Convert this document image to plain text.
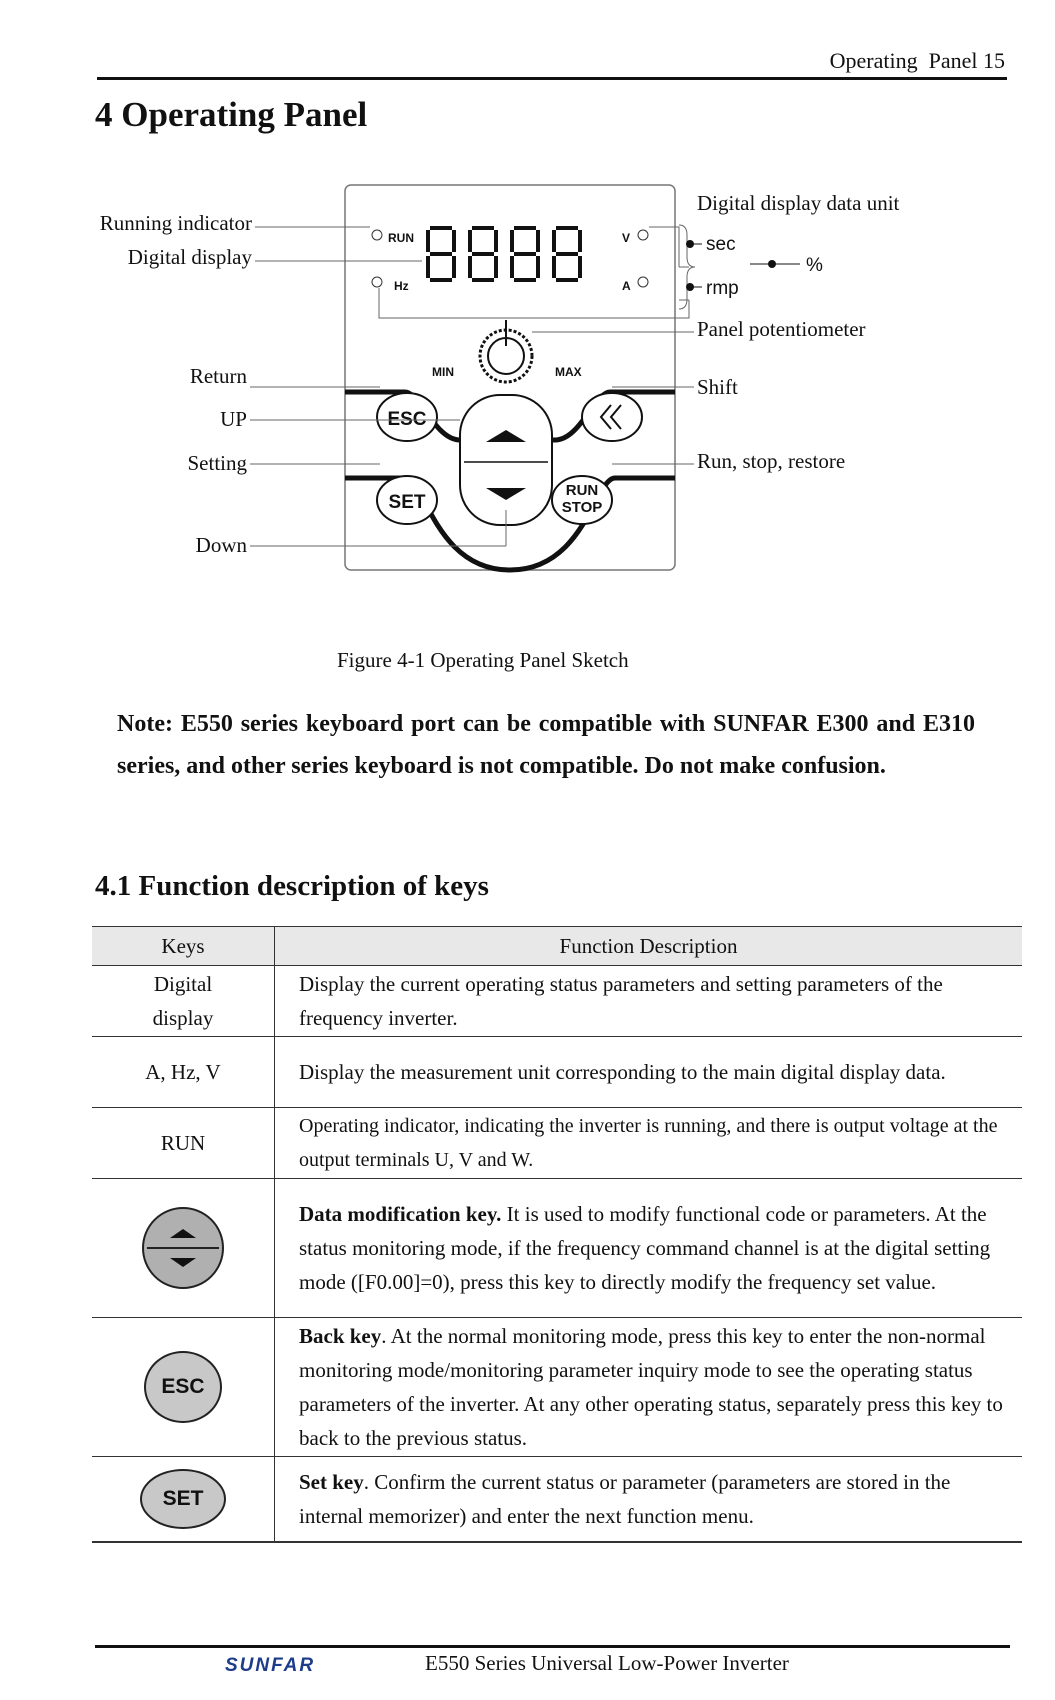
Operating  Panel 15
4 Operating Panel
RUN
Hz
V
A
MIN	MAX
ESC
SET
RUN
STOP
Running indicator
Digital display
Return
UP
Setting
Down
Digital display data unit
sec
%
rmp
Panel potentiometer
Shift
Run, stop, restore
Figure 4-1 Operating Panel Sketch
Note: E550 series keyboard port can be compatible with SUNFAR E300 and E310 series, and other series keyboard is not compatible. Do not make confusion.
4.1 Function description of keys
Keys	Function Description

Digital display	Display the current operating status parameters and setting parameters of the frequency inverter.
A, Hz, V	Display the measurement unit corresponding to the main digital display data.
RUN	Operating indicator, indicating the inverter is running, and there is output voltage at the output terminals U, V and W.
	Data modification key. It is used to modify functional code or parameters. At the status monitoring mode, if the frequency command channel is at the digital setting mode ([F0.00]=0), press this key to directly modify the frequency set value.
ESC	Back key. At the normal monitoring mode, press this key to enter the non-normal monitoring mode/monitoring parameter inquiry mode to see the operating status parameters of the inverter. At any other operating status, separately press this key to back to the previous status.
SET	Set key. Confirm the current status or parameter (parameters are stored in the internal memorizer) and enter the next function menu.
SUNFAR	E550 Series Universal Low-Power Inverter
